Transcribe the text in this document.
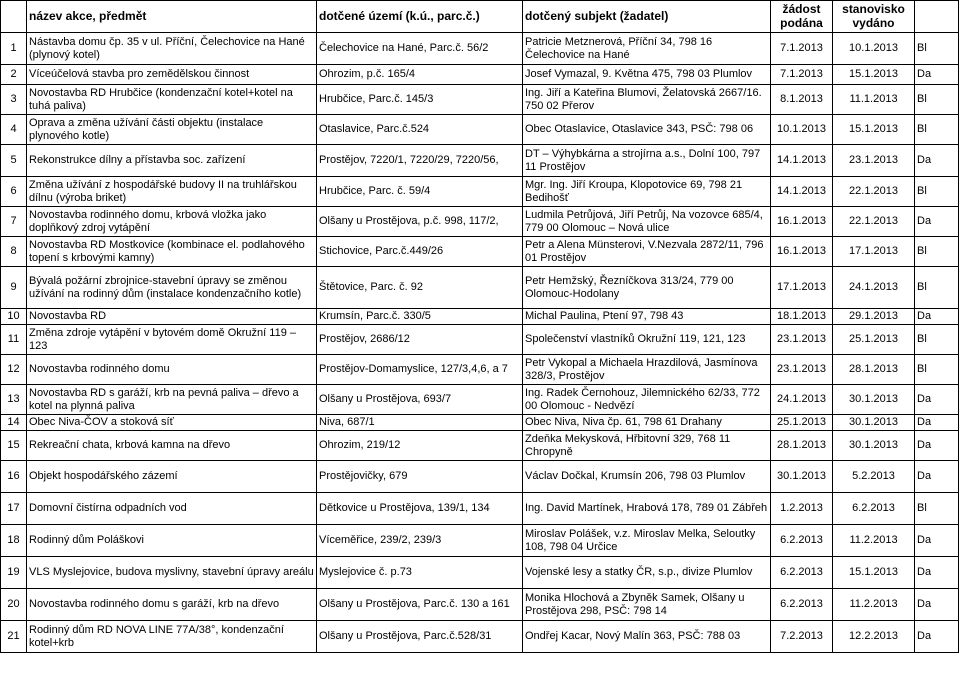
	název akce, předmět	dotčené území (k.ú., parc.č.)	dotčený subjekt (žadatel)	žádost podána	stanovisko vydáno	
1	Nástavba domu čp. 35 v ul. Příční, Čelechovice na Hané (plynový kotel)	Čelechovice na Hané, Parc.č. 56/2	Patricie Metznerová, Příční 34, 798 16 Čelechovice na Hané	7.1.2013	10.1.2013	Bl
2	Víceúčelová stavba pro zemědělskou činnost	Ohrozim, p.č. 165/4	Josef Vymazal, 9. Května 475, 798 03 Plumlov	7.1.2013	15.1.2013	Da
3	Novostavba RD Hrubčice (kondenzační kotel+kotel na tuhá paliva)	Hrubčice, Parc.č. 145/3	Ing. Jiří a Kateřina Blumovi, Želatovská 2667/16. 750 02 Přerov	8.1.2013	11.1.2013	Bl
4	Oprava a změna užívání části objektu (instalace plynového kotle)	Otaslavice, Parc.č.524	Obec Otaslavice, Otaslavice 343, PSČ: 798 06	10.1.2013	15.1.2013	Bl
5	Rekonstrukce dílny a přístavba soc. zařízení	Prostějov, 7220/1, 7220/29, 7220/56,	DT – Výhybkárna a strojírna a.s., Dolní 100, 797 11 Prostějov	14.1.2013	23.1.2013	Da
6	Změna užívání z hospodářské budovy II na truhlářskou dílnu (výroba briket)	Hrubčice, Parc. č. 59/4	Mgr. Ing. Jiří Kroupa, Klopotovice 69, 798 21 Bedihošť	14.1.2013	22.1.2013	Bl
7	Novostavba rodinného domu, krbová vložka jako doplňkový zdroj vytápění	Olšany u Prostějova, p.č. 998, 117/2,	Ludmila Petrůjová, Jiří Petrůj, Na vozovce 685/4, 779 00 Olomouc – Nová ulice	16.1.2013	22.1.2013	Da
8	Novostavba RD Mostkovice (kombinace el. podlahového topení s krbovými kamny)	Stichovice, Parc.č.449/26	Petr a Alena Münsterovi, V.Nezvala 2872/11, 796 01 Prostějov	16.1.2013	17.1.2013	Bl
9	Bývalá požární zbrojnice-stavební úpravy se změnou užívání na rodinný dům (instalace kondenzačního kotle)	Štětovice, Parc. č. 92	Petr Hemžský, Řezníčkova 313/24, 779 00 Olomouc-Hodolany	17.1.2013	24.1.2013	Bl
10	Novostavba RD	Krumsín, Parc.č. 330/5	Michal Paulina, Ptení 97, 798 43	18.1.2013	29.1.2013	Da
11	Změna zdroje vytápění v bytovém domě Okružní 119 – 123	Prostějov, 2686/12	Společenství vlastníků Okružní 119, 121, 123	23.1.2013	25.1.2013	Bl
12	Novostavba rodinného domu	Prostějov-Domamyslice, 127/3,4,6, a 7	Petr Vykopal a Michaela Hrazdilová, Jasmínova 328/3, Prostějov	23.1.2013	28.1.2013	Bl
13	Novostavba RD s garáží, krb na pevná paliva – dřevo a kotel na plynná paliva	Olšany u Prostějova, 693/7	Ing. Radek Černohouz, Jilemnického 62/33, 772 00 Olomouc - Nedvězí	24.1.2013	30.1.2013	Da
14	Obec Niva-ČOV a stoková síť	Niva, 687/1	Obec Niva, Niva čp. 61, 798 61 Drahany	25.1.2013	30.1.2013	Da
15	Rekreační chata, krbová kamna na dřevo	Ohrozim, 219/12	Zdeňka Mekysková, Hřbitovní 329, 768 11 Chropyně	28.1.2013	30.1.2013	Da
16	Objekt hospodářského zázemí	Prostějovičky, 679	Václav Dočkal, Krumsín 206, 798 03 Plumlov	30.1.2013	5.2.2013	Da
17	Domovní čistírna odpadních vod	Dětkovice u Prostějova, 139/1, 134	Ing. David Martínek, Hrabová 178, 789 01 Zábřeh	1.2.2013	6.2.2013	Bl
18	Rodinný dům Poláškovi	Víceměřice, 239/2, 239/3	Miroslav Polášek, v.z. Miroslav Melka, Seloutky 108, 798 04 Určice	6.2.2013	11.2.2013	Da
19	VLS Myslejovice, budova myslivny, stavební úpravy areálu	Myslejovice č. p.73	Vojenské lesy a statky ČR, s.p., divize Plumlov	6.2.2013	15.1.2013	Da
20	Novostavba rodinného domu s garáží, krb na dřevo	Olšany u Prostějova, Parc.č. 130 a 161	Monika Hlochová a Zbyněk Samek, Olšany u Prostějova 298, PSČ: 798 14	6.2.2013	11.2.2013	Da
21	Rodinný dům RD NOVA LINE 77A/38°, kondenzační kotel+krb	Olšany u Prostějova, Parc.č.528/31	Ondřej Kacar, Nový Malín 363, PSČ: 788 03	7.2.2013	12.2.2013	Da
